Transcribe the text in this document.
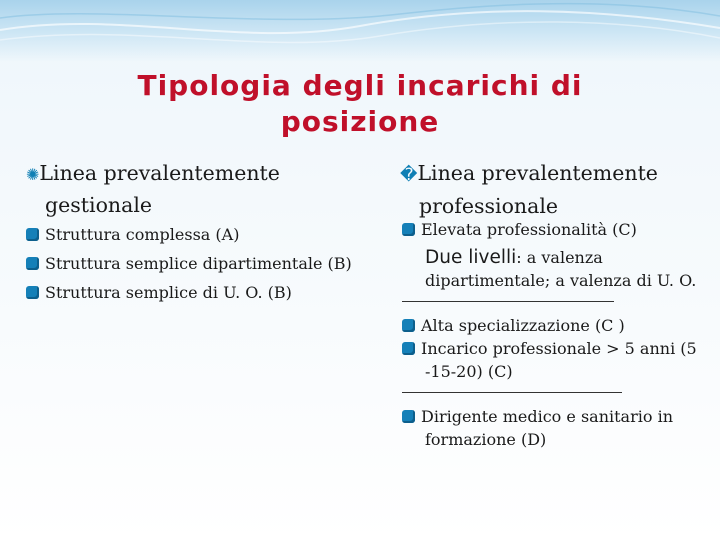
Tipologia degli incarichi di posizione
✺Linea prevalentemente
gestionale
Struttura complessa (A)
Struttura semplice dipartimentale (B)
Struttura semplice di U. O. (B)
�Linea prevalentemente
professionale
Elevata professionalità (C)
Due livelli: a valenza
dipartimentale; a valenza di U. O.
Alta specializzazione (C )
Incarico professionale > 5 anni (5
-15-20) (C)
Dirigente medico e sanitario in
formazione (D)
